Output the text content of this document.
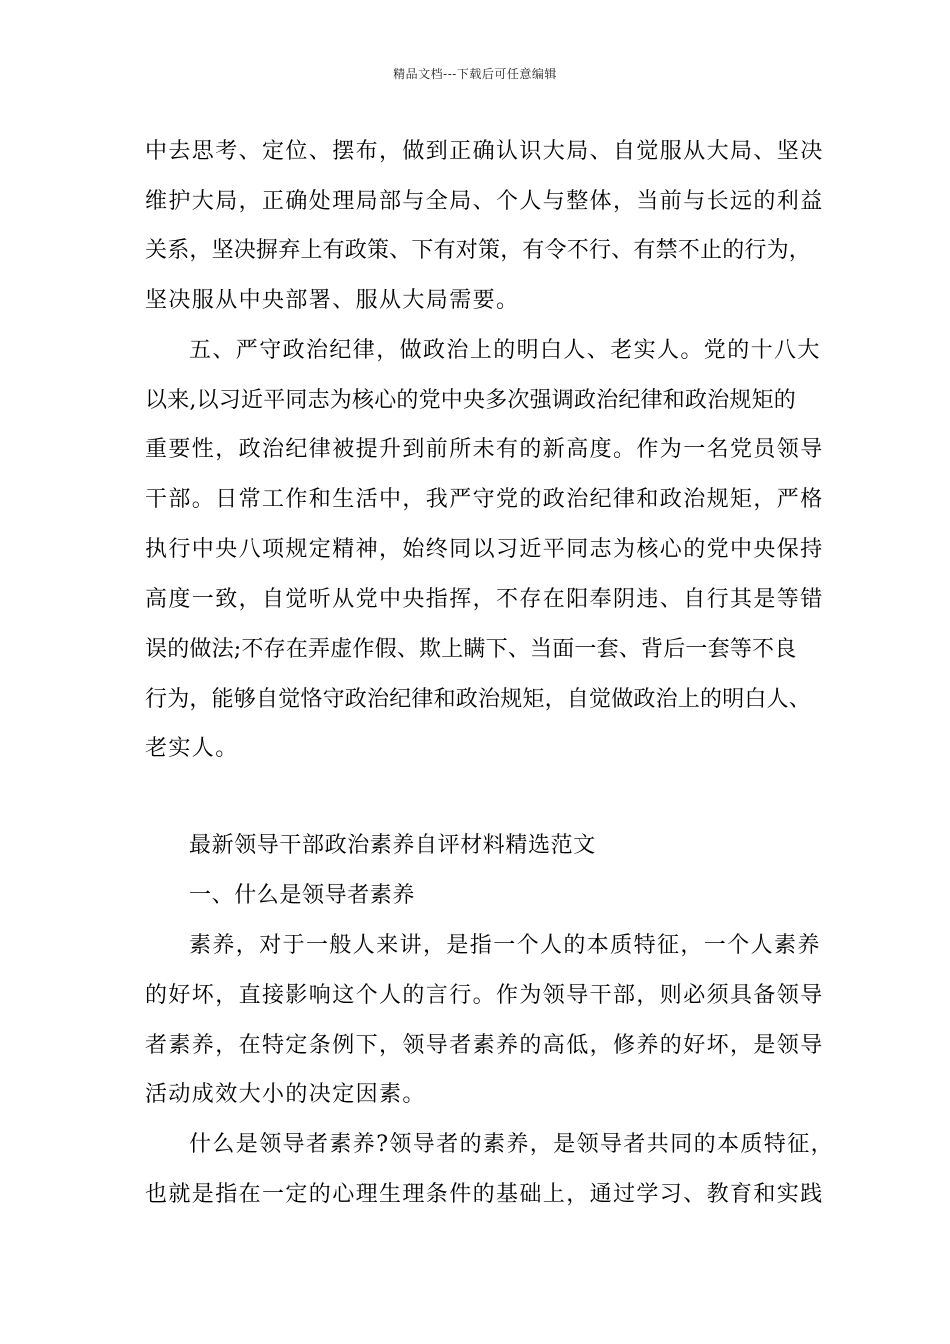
精品文档---下载后可任意编辑
中去思考、定位、摆布，做到正确认识大局、自觉服从大局、坚决
维护大局，正确处理局部与全局、个人与整体，当前与长远的利益
关系，坚决摒弃上有政策、下有对策，有令不行、有禁不止的行为，
坚决服从中央部署、服从大局需要。
五、严守政治纪律，做政治上的明白人、老实人。党的十八大
以来,以习近平同志为核心的党中央多次强调政治纪律和政治规矩的
重要性，政治纪律被提升到前所未有的新高度。作为一名党员领导
干部。日常工作和生活中，我严守党的政治纪律和政治规矩，严格
执行中央八项规定精神，始终同以习近平同志为核心的党中央保持
高度一致，自觉听从党中央指挥，不存在阳奉阴违、自行其是等错
误的做法;不存在弄虚作假、欺上瞒下、当面一套、背后一套等不良
行为，能够自觉恪守政治纪律和政治规矩，自觉做政治上的明白人、
老实人。
最新领导干部政治素养自评材料精选范文
一、什么是领导者素养
素养，对于一般人来讲，是指一个人的本质特征，一个人素养
的好坏，直接影响这个人的言行。作为领导干部，则必须具备领导
者素养，在特定条例下，领导者素养的高低，修养的好坏，是领导
活动成效大小的决定因素。
什么是领导者素养?领导者的素养，是领导者共同的本质特征，
也就是指在一定的心理生理条件的基础上，通过学习、教育和实践
